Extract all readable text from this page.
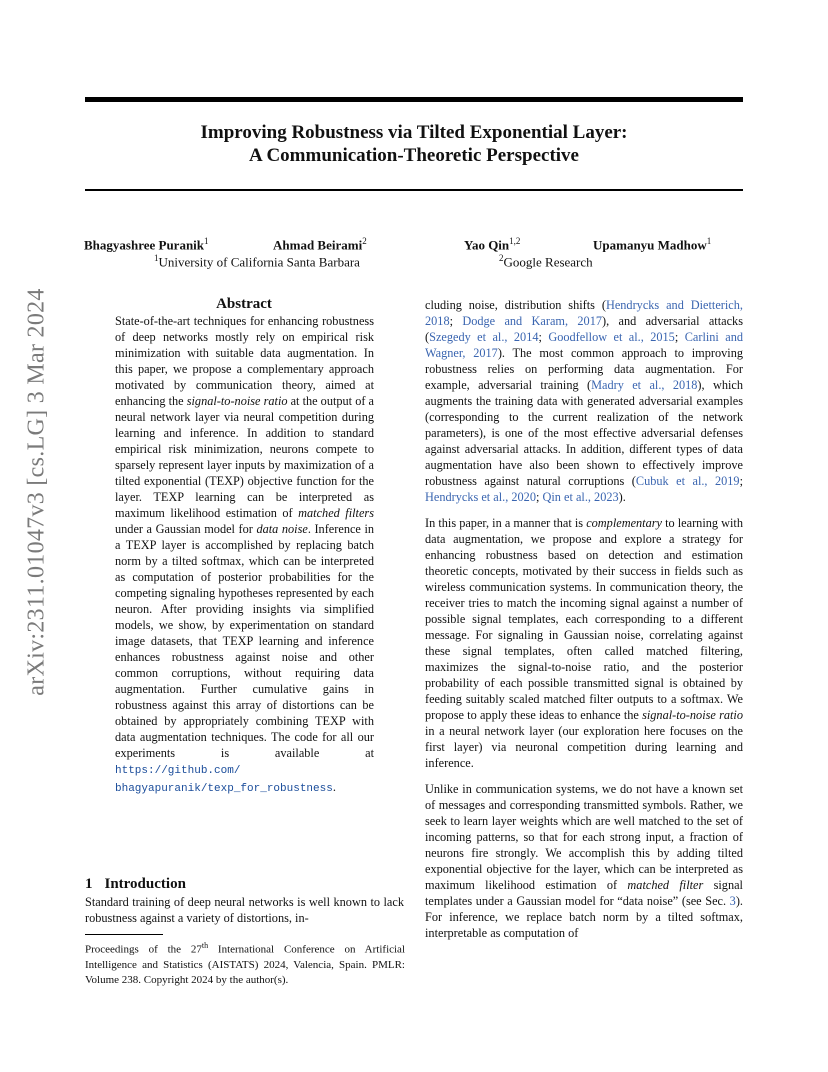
arXiv:2311.01047v3 [cs.LG] 3 Mar 2024
Improving Robustness via Tilted Exponential Layer:
A Communication-Theoretic Perspective
Bhagyashree Puranik$^1$	Ahmad Beirami$^2$	Yao Qin$^{1,2}$	Upamanyu Madhow$^1$
$^1$University of California Santa Barbara	$^2$Google Research
Abstract
State-of-the-art techniques for enhancing robustness of deep networks mostly rely on empirical risk minimization with suitable data augmentation. In this paper, we propose a complementary approach motivated by communication theory, aimed at enhancing the signal-to-noise ratio at the output of a neural network layer via neural competition during learning and inference. In addition to standard empirical risk minimization, neurons compete to sparsely represent layer inputs by maximization of a tilted exponential (TEXP) objective function for the layer. TEXP learning can be interpreted as maximum likelihood estimation of matched filters under a Gaussian model for data noise. Inference in a TEXP layer is accomplished by replacing batch norm by a tilted softmax, which can be interpreted as computation of posterior probabilities for the competing signaling hypotheses represented by each neuron. After providing insights via simplified models, we show, by experimentation on standard image datasets, that TEXP learning and inference enhances robustness against noise and other common corruptions, without requiring data augmentation. Further cumulative gains in robustness against this array of distortions can be obtained by appropriately combining TEXP with data augmentation techniques. The code for all our experiments is available at https://github.com/ bhagyapuranik/texp_for_robustness.
1 Introduction
Standard training of deep neural networks is well known to lack robustness against a variety of distortions, in-
Proceedings of the 27th International Conference on Artificial Intelligence and Statistics (AISTATS) 2024, Valencia, Spain. PMLR: Volume 238. Copyright 2024 by the author(s).

cluding noise, distribution shifts (Hendrycks and Dietterich, 2018; Dodge and Karam, 2017), and adversarial attacks (Szegedy et al., 2014; Goodfellow et al., 2015; Carlini and Wagner, 2017). The most common approach to improving robustness relies on performing data augmentation. For example, adversarial training (Madry et al., 2018), which augments the training data with generated adversarial examples (corresponding to the current realization of the network parameters), is one of the most effective adversarial defenses against adversarial attacks. In addition, different types of data augmentation have also been shown to effectively improve robustness against natural corruptions (Cubuk et al., 2019; Hendrycks et al., 2020; Qin et al., 2023).

In this paper, in a manner that is complementary to learning with data augmentation, we propose and explore a strategy for enhancing robustness based on detection and estimation theoretic concepts, motivated by their success in fields such as wireless communication systems. In communication theory, the receiver tries to match the incoming signal against a number of possible signal templates, each corresponding to a different message. For signaling in Gaussian noise, correlating against these signal templates, often called matched filtering, maximizes the signal-to-noise ratio, and the posterior probability of each possible transmitted signal is obtained by feeding suitably scaled matched filter outputs to a softmax. We propose to apply these ideas to enhance the signal-to-noise ratio in a neural network layer (our exploration here focuses on the first layer) via neuronal competition during learning and inference.

Unlike in communication systems, we do not have a known set of messages and corresponding transmitted symbols. Rather, we seek to learn layer weights which are well matched to the set of incoming patterns, so that for each strong input, a fraction of neurons fire strongly. We accomplish this by adding tilted exponential objective for the layer, which can be interpreted as maximum likelihood estimation of matched filter signal templates under a Gaussian model for “data noise” (see Sec. 3). For inference, we replace batch norm by a tilted softmax, interpretable as computation of
